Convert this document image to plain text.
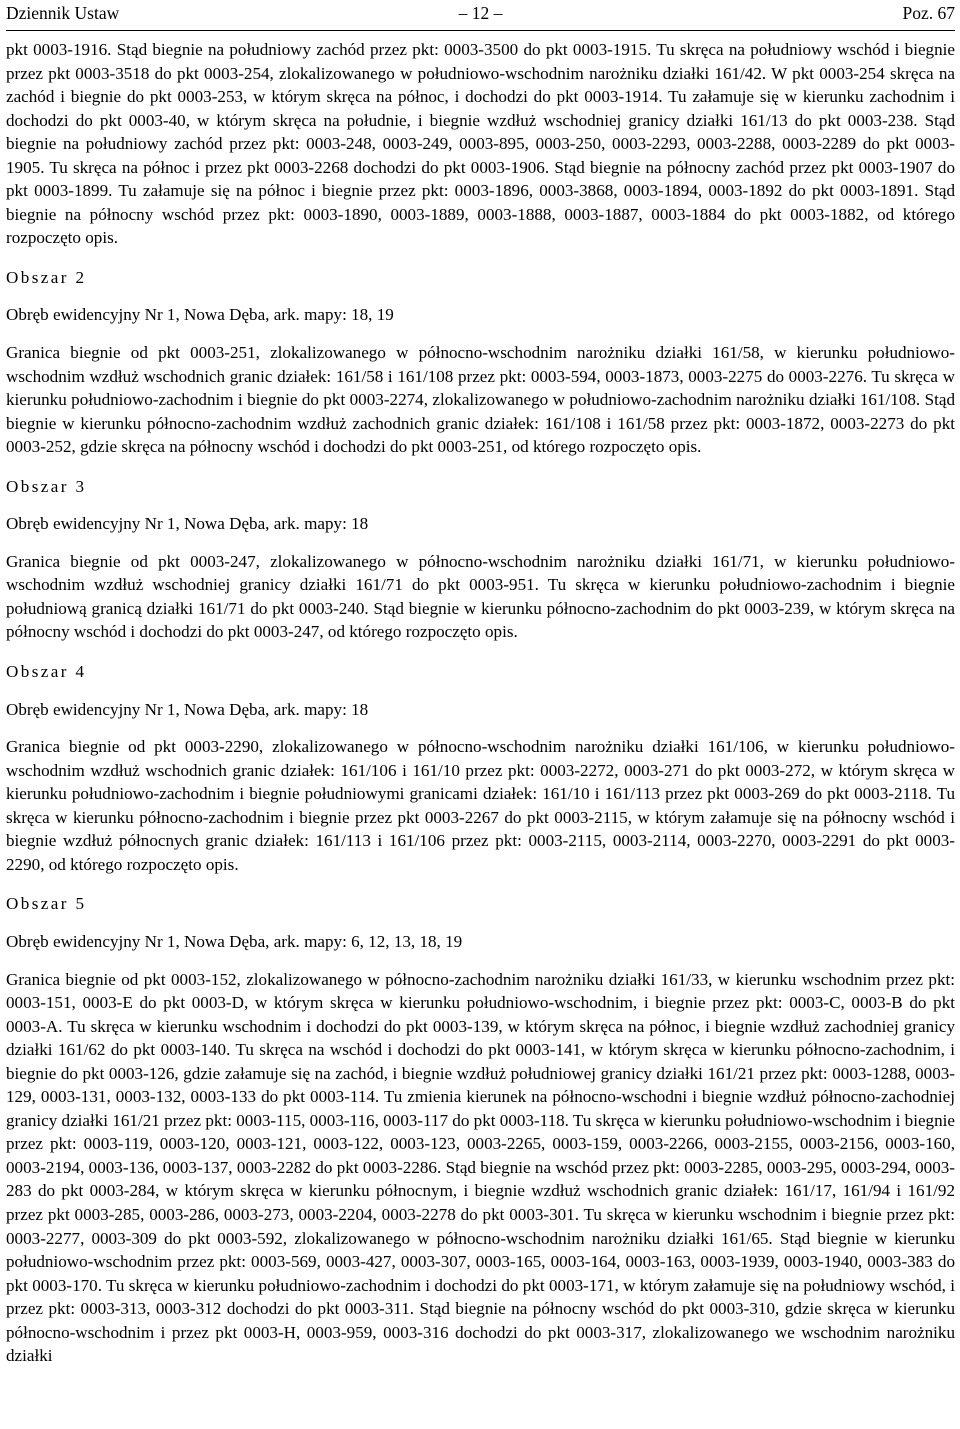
Dziennik Ustaw	– 12 –	Poz. 67

pkt 0003-1916. Stąd biegnie na południowy zachód przez pkt: 0003-3500 do pkt 0003-1915. Tu skręca na południowy wschód i biegnie przez pkt 0003-3518 do pkt 0003-254, zlokalizowanego w południowo-wschodnim narożniku działki 161/42. W pkt 0003-254 skręca na zachód i biegnie do pkt 0003-253, w którym skręca na północ, i dochodzi do pkt 0003-1914. Tu załamuje się w kierunku zachodnim i dochodzi do pkt 0003-40, w którym skręca na południe, i biegnie wzdłuż wschodniej granicy działki 161/13 do pkt 0003-238. Stąd biegnie na południowy zachód przez pkt: 0003-248, 0003-249, 0003-895, 0003-250, 0003-2293, 0003-2288, 0003-2289 do pkt 0003-1905. Tu skręca na północ i przez pkt 0003-2268 dochodzi do pkt 0003-1906. Stąd biegnie na północny zachód przez pkt 0003-1907 do pkt 0003-1899. Tu załamuje się na północ i biegnie przez pkt: 0003-1896, 0003-3868, 0003-1894, 0003-1892 do pkt 0003-1891. Stąd biegnie na północny wschód przez pkt: 0003-1890, 0003-1889, 0003-1888, 0003-1887, 0003-1884 do pkt 0003-1882, od którego rozpoczęto opis.

Obszar 2

Obręb ewidencyjny Nr 1, Nowa Dęba, ark. mapy: 18, 19

Granica biegnie od pkt 0003-251, zlokalizowanego w północno-wschodnim narożniku działki 161/58, w kierunku południowo-wschodnim wzdłuż wschodnich granic działek: 161/58 i 161/108 przez pkt: 0003-594, 0003-1873, 0003-2275 do 0003-2276. Tu skręca w kierunku południowo-zachodnim i biegnie do pkt 0003-2274, zlokalizowanego w południowo-zachodnim narożniku działki 161/108. Stąd biegnie w kierunku północno-zachodnim wzdłuż zachodnich granic działek: 161/108 i 161/58 przez pkt: 0003-1872, 0003-2273 do pkt 0003-252, gdzie skręca na północny wschód i dochodzi do pkt 0003-251, od którego rozpoczęto opis.

Obszar 3

Obręb ewidencyjny Nr 1, Nowa Dęba, ark. mapy: 18

Granica biegnie od pkt 0003-247, zlokalizowanego w północno-wschodnim narożniku działki 161/71, w kierunku południowo-wschodnim wzdłuż wschodniej granicy działki 161/71 do pkt 0003-951. Tu skręca w kierunku południowo-zachodnim i biegnie południową granicą działki 161/71 do pkt 0003-240. Stąd biegnie w kierunku północno-zachodnim do pkt 0003-239, w którym skręca na północny wschód i dochodzi do pkt 0003-247, od którego rozpoczęto opis.

Obszar 4

Obręb ewidencyjny Nr 1, Nowa Dęba, ark. mapy: 18

Granica biegnie od pkt 0003-2290, zlokalizowanego w północno-wschodnim narożniku działki 161/106, w kierunku południowo-wschodnim wzdłuż wschodnich granic działek: 161/106 i 161/10 przez pkt: 0003-2272, 0003-271 do pkt 0003-272, w którym skręca w kierunku południowo-zachodnim i biegnie południowymi granicami działek: 161/10 i 161/113 przez pkt 0003-269 do pkt 0003-2118. Tu skręca w kierunku północno-zachodnim i biegnie przez pkt 0003-2267 do pkt 0003-2115, w którym załamuje się na północny wschód i biegnie wzdłuż północnych granic działek: 161/113 i 161/106 przez pkt: 0003-2115, 0003-2114, 0003-2270, 0003-2291 do pkt 0003-2290, od którego rozpoczęto opis.

Obszar 5

Obręb ewidencyjny Nr 1, Nowa Dęba, ark. mapy: 6, 12, 13, 18, 19

Granica biegnie od pkt 0003-152, zlokalizowanego w północno-zachodnim narożniku działki 161/33, w kierunku wschodnim przez pkt: 0003-151, 0003-E do pkt 0003-D, w którym skręca w kierunku południowo-wschodnim, i biegnie przez pkt: 0003-C, 0003-B do pkt 0003-A. Tu skręca w kierunku wschodnim i dochodzi do pkt 0003-139, w którym skręca na północ, i biegnie wzdłuż zachodniej granicy działki 161/62 do pkt 0003-140. Tu skręca na wschód i dochodzi do pkt 0003-141, w którym skręca w kierunku północno-zachodnim, i biegnie do pkt 0003-126, gdzie załamuje się na zachód, i biegnie wzdłuż południowej granicy działki 161/21 przez pkt: 0003-1288, 0003-129, 0003-131, 0003-132, 0003-133 do pkt 0003-114. Tu zmienia kierunek na północno-wschodni i biegnie wzdłuż północno-zachodniej granicy działki 161/21 przez pkt: 0003-115, 0003-116, 0003-117 do pkt 0003-118. Tu skręca w kierunku południowo-wschodnim i biegnie przez pkt: 0003-119, 0003-120, 0003-121, 0003-122, 0003-123, 0003-2265, 0003-159, 0003-2266, 0003-2155, 0003-2156, 0003-160, 0003-2194, 0003-136, 0003-137, 0003-2282 do pkt 0003-2286. Stąd biegnie na wschód przez pkt: 0003-2285, 0003-295, 0003-294, 0003-283 do pkt 0003-284, w którym skręca w kierunku północnym, i biegnie wzdłuż wschodnich granic działek: 161/17, 161/94 i 161/92 przez pkt 0003-285, 0003-286, 0003-273, 0003-2204, 0003-2278 do pkt 0003-301. Tu skręca w kierunku wschodnim i biegnie przez pkt: 0003-2277, 0003-309 do pkt 0003-592, zlokalizowanego w północno-wschodnim narożniku działki 161/65. Stąd biegnie w kierunku południowo-wschodnim przez pkt: 0003-569, 0003-427, 0003-307, 0003-165, 0003-164, 0003-163, 0003-1939, 0003-1940, 0003-383 do pkt 0003-170. Tu skręca w kierunku południowo-zachodnim i dochodzi do pkt 0003-171, w którym załamuje się na południowy wschód, i przez pkt: 0003-313, 0003-312 dochodzi do pkt 0003-311. Stąd biegnie na północny wschód do pkt 0003-310, gdzie skręca w kierunku północno-wschodnim i przez pkt 0003-H, 0003-959, 0003-316 dochodzi do pkt 0003-317, zlokalizowanego we wschodnim narożniku działki
